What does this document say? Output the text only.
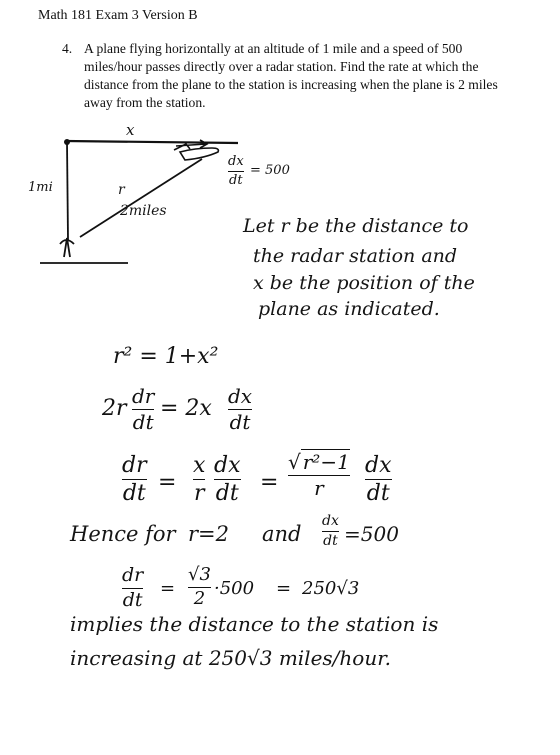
Math 181 Exam 3 Version B
4. A plane flying horizontally at an altitude of 1 mile and a speed of 500 miles/hour passes directly over a radar station. Find the rate at which the distance from the plane to the station is increasing when the plane is 2 miles away from the station.
x
1mi	r
2miles
dx
dt
= 500
Let r be the distance to
the radar station and
x be the position of the
plane as indicated.
r² = 1+x²
2r dr
dt
= 2x dx
dt
dr
dt =
x
r
dx
dt =
√ r²−1
r
dx
dt
Hence for r=2 and
dx
dt =500
dr
dt
=
√3
2 ·500 = 250√3
implies the distance to the station is
increasing at 250√3 miles/hour.
